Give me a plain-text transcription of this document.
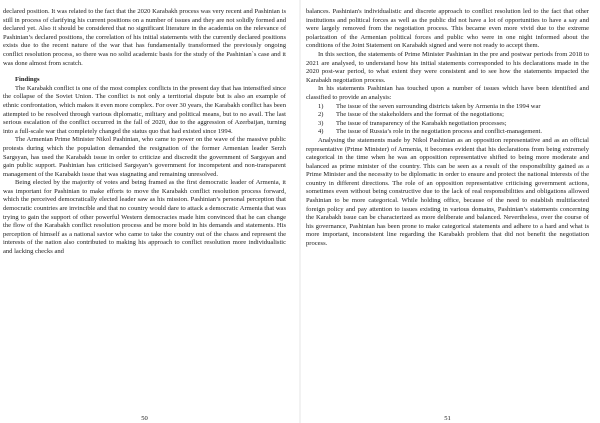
declared position. It was related to the fact that the 2020 Karabakh process was very recent and Pashinian is still in process of clarifying his current positions on a number of issues and they are not solidly formed and declared yet. Also it should be considered that no significant literature in the academia on the relevance of Pashinian’s declared positions, the correlation of his initial statements with the currently declared positions exists due to the recent nature of the war that has fundamentally transformed the previously ongoing conflict resolution process, so there was no solid academic basis for the study of the Pashinian`s case and it was done almost from scratch.

Findings

The Karabakh conflict is one of the most complex conflicts in the present day that has intensified since the collapse of the Soviet Union. The conflict is not only a territorial dispute but is also an example of ethnic confrontation, which makes it even more complex. For over 30 years, the Karabakh conflict has been attempted to be resolved through various diplomatic, military and political means, but to no avail. The last serious escalation of the conflict occurred in the fall of 2020, due to the aggression of Azerbaijan, turning into a full-scale war that completely changed the status quo that had existed since 1994.

The Armenian Prime Minister Nikol Pashinian, who came to power on the wave of the massive public protests during which the population demanded the resignation of the former Armenian leader Serzh Sargsyan, has used the Karabakh issue in order to criticize and discredit the government of Sargsyan and gain public support. Pashinian has criticised Sargsyan’s government for incompetent and non-transparent management of the Karabakh issue that was stagnating and remaining unresolved.

Being elected by the majority of votes and being framed as the first democratic leader of Armenia, it was important for Pashinian to make efforts to move the Karabakh conflict resolution process forward, which the perceived democratically elected leader saw as his mission. Pashinian’s personal perception that democratic countries are invincible and that no country would dare to attack a democratic Armenia that was trying to gain the support of other powerful Western democracies made him convinced that he can change the flow of the Karabakh conflict resolution process and be more bold in his demands and statements. His perception of himself as a national savior who came to take the country out of the chaos and represent the interests of the nation also contributed to making his approach to conflict resolution more individualistic and lacking checks and

50

balances. Pashinian's individualistic and discrete approach to conflict resolution led to the fact that other institutions and political forces as well as the public did not have a lot of opportunities to have a say and were largely removed from the negotiation process. This became even more vivid due to the extreme polarization of the Armenian political forces and public who were in one night informed about the conditions of the Joint Statement on Karabakh signed and were not ready to accept them.

In this section, the statements of Prime Minister Pashinian in the pre and postwar periods from 2018 to 2021 are analysed, to understand how his initial statements corresponded to his declarations made in the 2020 post-war period, to what extent they were consistent and to see how the statements impacted the Karabakh negotiation process.

In his statements Pashinian has touched upon a number of issues which have been identified and classified to provide an analysis:

1) The issue of the seven surrounding districts taken by Armenia in the 1994 war
2) The issue of the stakeholders and the format of the negotiations;
3) The issue of transparency of the Karabakh negotiation processes;
4) The issue of Russia’s role in the negotiation process and conflict-management.

Analysing the statements made by Nikol Pashinian as an opposition representative and as an official representative (Prime Minister) of Armenia, it becomes evident that his declarations from being extremely categorical in the time when he was an opposition representative shifted to being more moderate and balanced as prime minister of the country. This can be seen as a result of the responsibility gained as a Prime Minister and the necessity to be diplomatic in order to ensure and protect the national interests of the country in different directions. The role of an opposition representative criticising government actions, sometimes even without being constructive due to the lack of real responsibilities and obligations allowed Pashinian to be more categorical. While holding office, because of the need to establish multifaceted foreign policy and pay attention to issues existing in various domains, Pashinian’s statements concerning the Karabakh issue can be characterized as more deliberate and balanced. Nevertheless, over the course of his governance, Pashinian has been prone to make categorical statements and adhere to a hard and what is more important, inconsistent line regarding the Karabakh problem that did not benefit the negotiation process.

51
